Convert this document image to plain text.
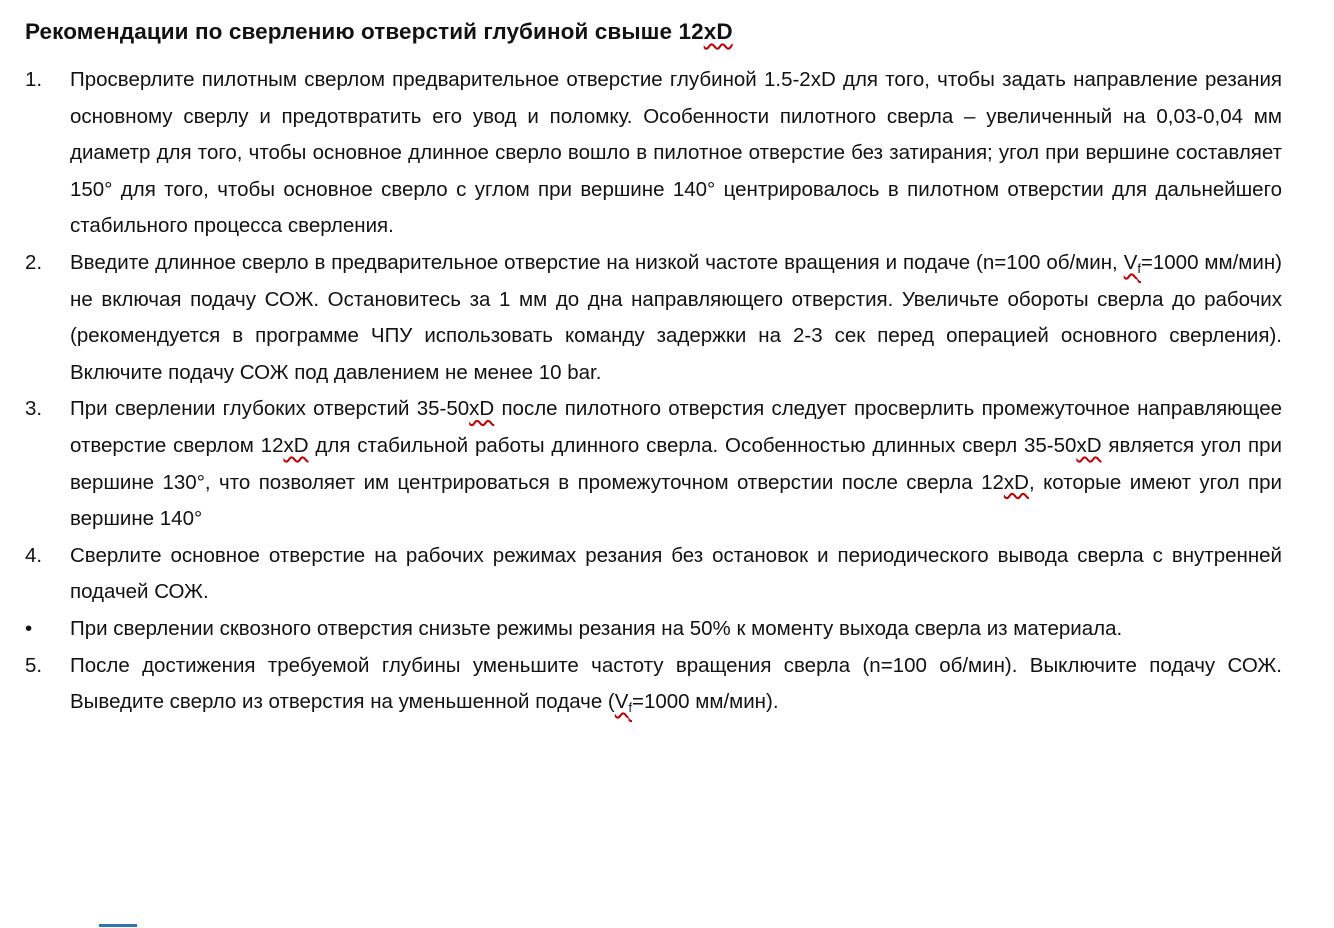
Рекомендации по сверлению отверстий глубиной свыше 12xD
1.	Просверлите пилотным сверлом предварительное отверстие глубиной 1.5-2xD для того, чтобы задать направление резания основному сверлу и предотвратить его увод и поломку. Особенности пилотного сверла – увеличенный на 0,03-0,04 мм диаметр для того, чтобы основное длинное сверло вошло в пилотное отверстие без затирания; угол при вершине составляет 150° для того, чтобы основное сверло с углом при вершине 140° центрировалось в пилотном отверстии для дальнейшего стабильного процесса сверления.

2.	Введите длинное сверло в предварительное отверстие на низкой частоте вращения и подаче (n=100 об/мин, Vf=1000 мм/мин) не включая подачу СОЖ. Остановитесь за 1 мм до дна направляющего отверстия. Увеличьте обороты сверла до рабочих (рекомендуется в программе ЧПУ использовать команду задержки на 2-3 сек перед операцией основного сверления). Включите подачу СОЖ под давлением не менее 10 bar.

3.	При сверлении глубоких отверстий 35-50xD после пилотного отверстия следует просверлить промежуточное направляющее отверстие сверлом 12xD для стабильной работы длинного сверла. Особенностью длинных сверл 35-50xD является угол при вершине 130°, что позволяет им центрироваться в промежуточном отверстии после сверла 12xD, которые имеют угол при вершине 140°

4.	Сверлите основное отверстие на рабочих режимах резания без остановок и периодического вывода сверла с внутренней подачей СОЖ.

•	При сверлении сквозного отверстия снизьте режимы резания на 50% к моменту выхода сверла из материала.

5.	После достижения требуемой глубины уменьшите частоту вращения сверла (n=100 об/мин). Выключите подачу СОЖ. Выведите сверло из отверстия на уменьшенной подаче (Vf=1000 мм/мин).
